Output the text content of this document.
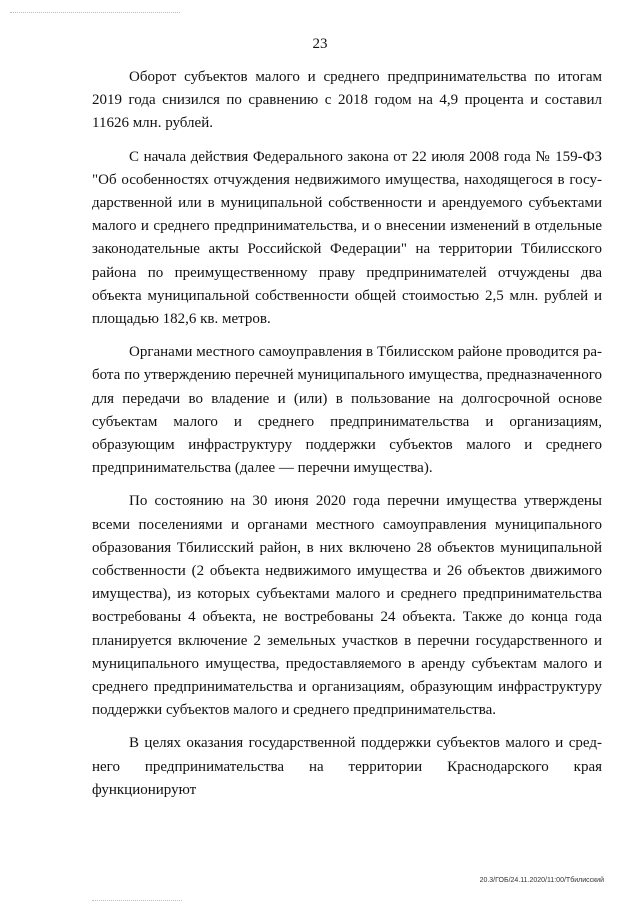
23

Оборот субъектов малого и среднего предпринимательства по итогам 2019 года снизился по сравнению с 2018 годом на 4,9 процента и составил 11626 млн. рублей.

С начала действия Федерального закона от 22 июля 2008 года № 159-ФЗ "Об особенностях отчуждения недвижимого имущества, находящегося в государственной или в муниципальной собственности и арендуемого субъектами малого и среднего предпринимательства, и о внесении изменений в отдельные законодательные акты Российской Федерации" на территории Тбилисского района по преимущественному праву предпринимателей отчуждены два объекта муниципальной собственности общей стоимостью 2,5 млн. рублей и площадью 182,6 кв. метров.

Органами местного самоуправления в Тбилисском районе проводится работа по утверждению перечней муниципального имущества, предназначенного для передачи во владение и (или) в пользование на долгосрочной основе субъектам малого и среднего предпринимательства и организациям, образующим инфраструктуру поддержки субъектов малого и среднего предпринимательства (далее — перечни имущества).

По состоянию на 30 июня 2020 года перечни имущества утверждены всеми поселениями и органами местного самоуправления муниципального образования Тбилисский район, в них включено 28 объектов муниципальной собственности (2 объекта недвижимого имущества и 26 объектов движимого имущества), из которых субъектами малого и среднего предпринимательства востребованы 4 объекта, не востребованы 24 объекта. Также до конца года планируется включение 2 земельных участков в перечни государственного и муниципального имущества, предоставляемого в аренду субъектам малого и среднего предпринимательства и организациям, образующим инфраструктуру поддержки субъектов малого и среднего предпринимательства.

В целях оказания государственной поддержки субъектов малого и среднего предпринимательства на территории Краснодарского края функционируют

20.3/ГОБ/24.11.2020/11:00/Тбилисский
